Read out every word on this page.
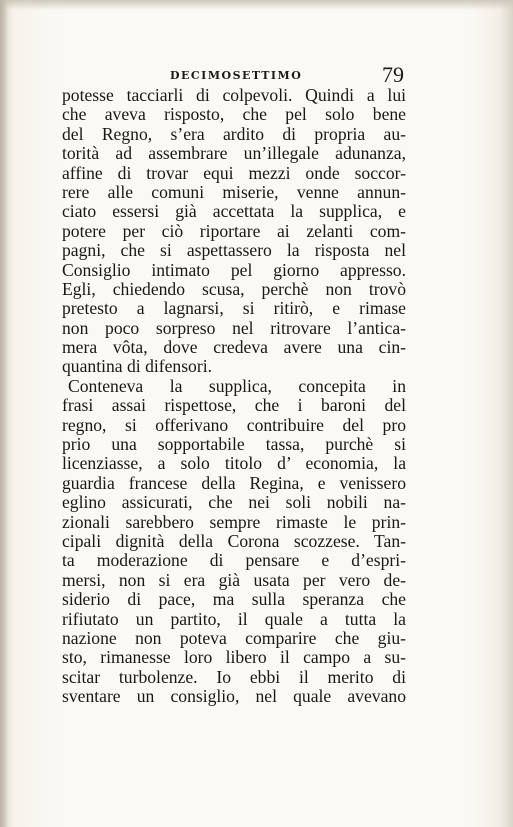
DECIMOSETTIMO	79
potesse tacciarli di colpevoli. Quindi a lui
che aveva risposto, che pel solo bene
del Regno, s’era ardito di propria au-
torità ad assembrare un’illegale adunanza,
affine di trovar equi mezzi onde soccor-
rere alle comuni miserie, venne annun-
ciato essersi già accettata la supplica, e
potere per ciò riportare ai zelanti com-
pagni, che si aspettassero la risposta nel
Consiglio intimato pel giorno appresso.
Egli, chiedendo scusa, perchè non trovò
pretesto a lagnarsi, si ritirò, e rimase
non poco sorpreso nel ritrovare l’antica-
mera vôta, dove credeva avere una cin-
quantina di difensori.
Conteneva la supplica, concepita in
frasi assai rispettose, che i baroni del
regno, si offerivano contribuire del pro
prio una sopportabile tassa, purchè si
licenziasse, a solo titolo d’ economia, la
guardia francese della Regina, e venissero
eglino assicurati, che nei soli nobili na-
zionali sarebbero sempre rimaste le prin-
cipali dignità della Corona scozzese. Tan-
ta moderazione di pensare e d’espri-
mersi, non si era già usata per vero de-
siderio di pace, ma sulla speranza che
rifiutato un partito, il quale a tutta la
nazione non poteva comparire che giu-
sto, rimanesse loro libero il campo a su-
scitar turbolenze. Io ebbi il merito di
sventare un consiglio, nel quale avevano
